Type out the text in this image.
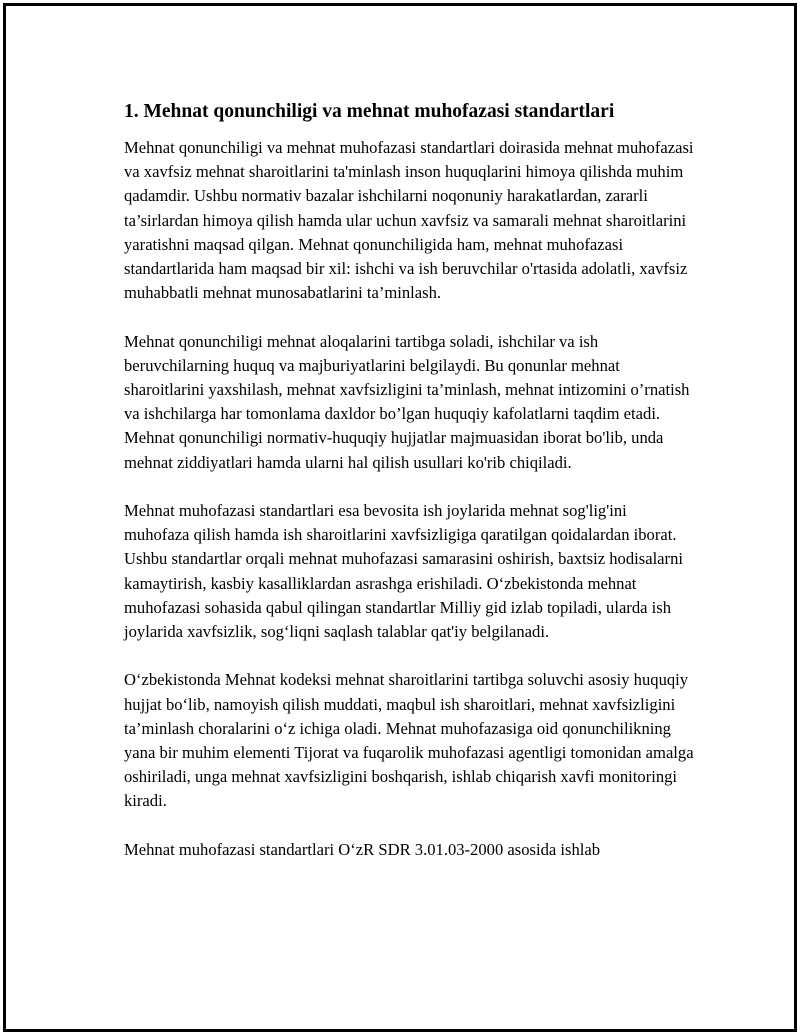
1. Mehnat qonunchiligi va mehnat muhofazasi standartlari

Mehnat qonunchiligi va mehnat muhofazasi standartlari doirasida mehnat muhofazasi va xavfsiz mehnat sharoitlarini ta'minlash inson huquqlarini himoya qilishda muhim qadamdir. Ushbu normativ bazalar ishchilarni noqonuniy harakatlardan, zararli ta’sirlardan himoya qilish hamda ular uchun xavfsiz va samarali mehnat sharoitlarini yaratishni maqsad qilgan. Mehnat qonunchiligida ham, mehnat muhofazasi standartlarida ham maqsad bir xil: ishchi va ish beruvchilar o'rtasida adolatli, xavfsiz muhabbatli mehnat munosabatlarini ta’minlash.

Mehnat qonunchiligi mehnat aloqalarini tartibga soladi, ishchilar va ish beruvchilarning huquq va majburiyatlarini belgilaydi. Bu qonunlar mehnat sharoitlarini yaxshilash, mehnat xavfsizligini ta’minlash, mehnat intizomini o’rnatish va ishchilarga har tomonlama daxldor bo’lgan huquqiy kafolatlarni taqdim etadi. Mehnat qonunchiligi normativ-huquqiy hujjatlar majmuasidan iborat bo'lib, unda mehnat ziddiyatlari hamda ularni hal qilish usullari ko'rib chiqiladi.

Mehnat muhofazasi standartlari esa bevosita ish joylarida mehnat sog'lig'ini muhofaza qilish hamda ish sharoitlarini xavfsizligiga qaratilgan qoidalardan iborat. Ushbu standartlar orqali mehnat muhofazasi samarasini oshirish, baxtsiz hodisalarni kamaytirish, kasbiy kasalliklardan asrashga erishiladi. O‘zbekistonda mehnat muhofazasi sohasida qabul qilingan standartlar Milliy gid izlab topiladi, ularda ish joylarida xavfsizlik, sog‘liqni saqlash talablar qat'iy belgilanadi.

O‘zbekistonda Mehnat kodeksi mehnat sharoitlarini tartibga soluvchi asosiy huquqiy hujjat bo‘lib, namoyish qilish muddati, maqbul ish sharoitlari, mehnat xavfsizligini ta’minlash choralarini o‘z ichiga oladi. Mehnat muhofazasiga oid qonunchilikning yana bir muhim elementi Tijorat va fuqarolik muhofazasi agentligi tomonidan amalga oshiriladi, unga mehnat xavfsizligini boshqarish, ishlab chiqarish xavfi monitoringi kiradi.

Mehnat muhofazasi standartlari O‘zR SDR 3.01.03-2000 asosida ishlab
